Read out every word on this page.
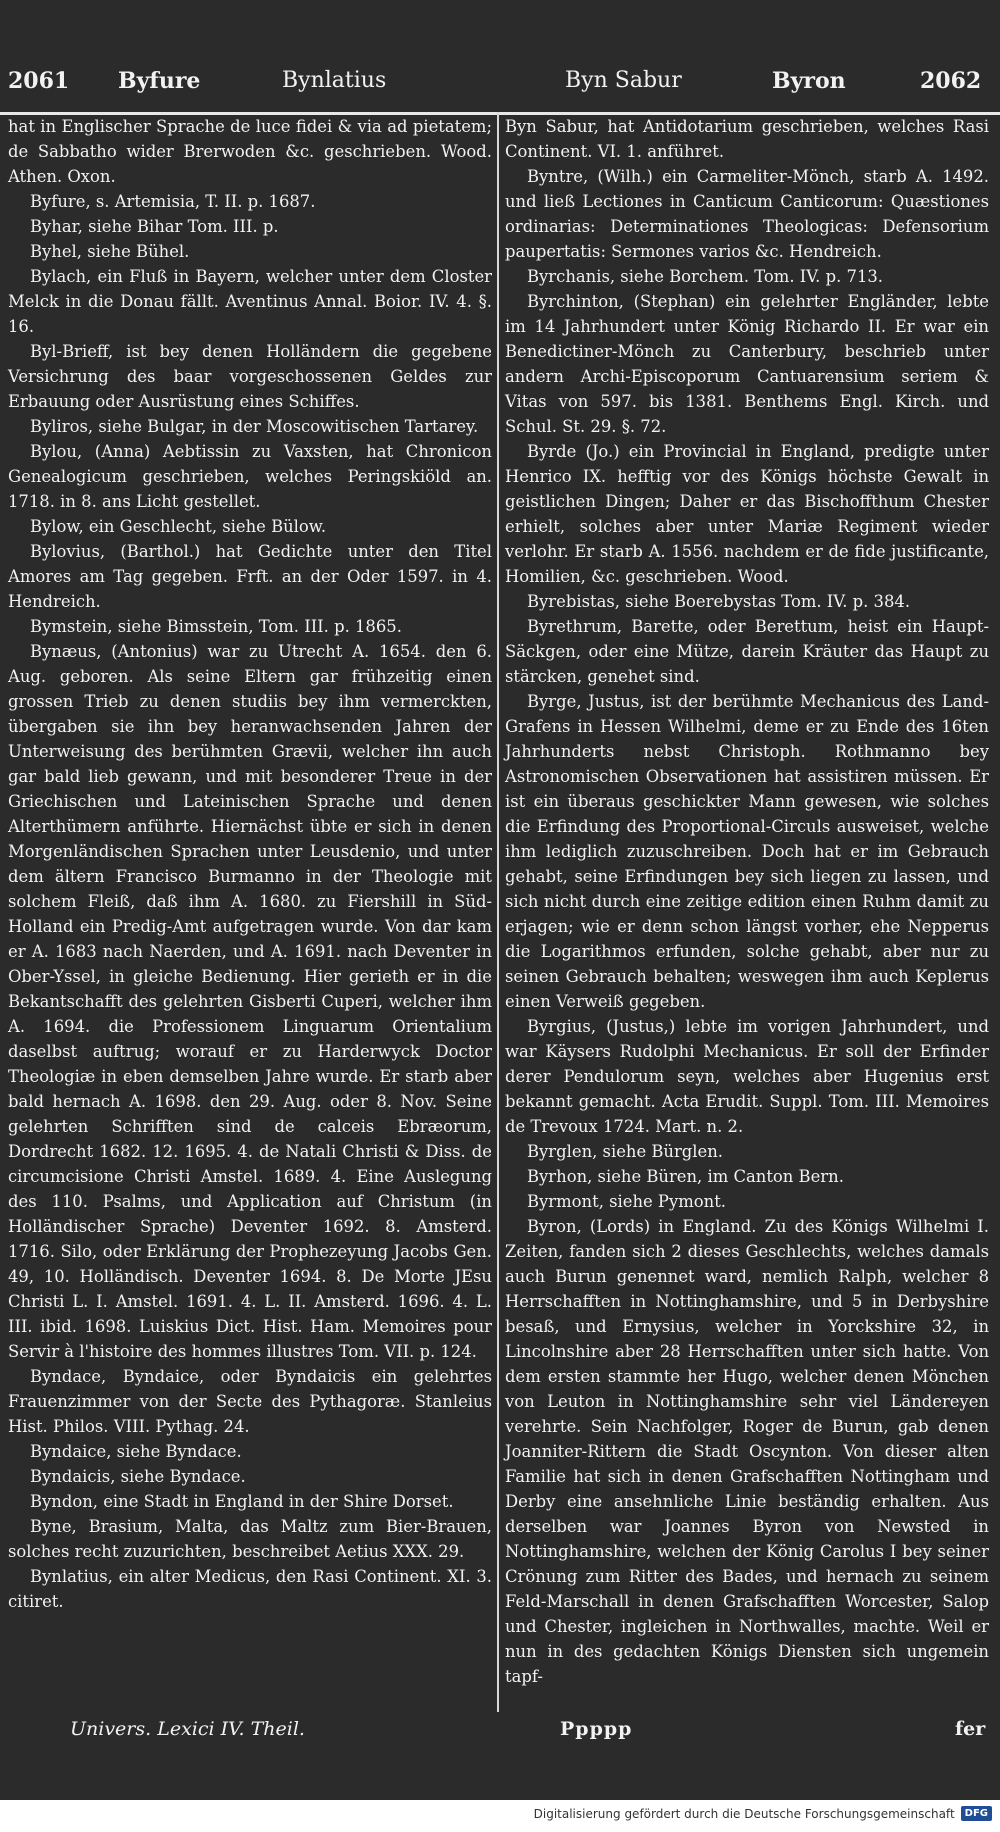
2061 Byfure	Bynlatius	Byn Sabur	Byron	2062

hat in Englischer Sprache de luce fidei & via ad pietatem; de Sabbatho wider Brerwoden &c. geschrieben. Wood. Athen. Oxon.

Byfure, s. Artemisia, T. II. p. 1687.

Byhar, siehe Bihar Tom. III. p.

Byhel, siehe Bühel.

Bylach, ein Fluß in Bayern, welcher unter dem Closter Melck in die Donau fällt. Aventinus Annal. Boior. IV. 4. §. 16.

Byl-Brieff, ist bey denen Holländern die gegebene Versichrung des baar vorgeschossenen Geldes zur Erbauung oder Ausrüstung eines Schiffes.

Byliros, siehe Bulgar, in der Moscowitischen Tartarey.

Bylou, (Anna) Aebtissin zu Vaxsten, hat Chronicon Genealogicum geschrieben, welches Peringskiöld an. 1718. in 8. ans Licht gestellet.

Bylow, ein Geschlecht, siehe Bülow.

Bylovius, (Barthol.) hat Gedichte unter den Titel Amores am Tag gegeben. Frft. an der Oder 1597. in 4. Hendreich.

Bymstein, siehe Bimsstein, Tom. III. p. 1865.

Bynæus, (Antonius) war zu Utrecht A. 1654. den 6. Aug. geboren. Als seine Eltern gar frühzeitig einen grossen Trieb zu denen studiis bey ihm vermerckten, übergaben sie ihn bey heranwachsenden Jahren der Unterweisung des berühmten Grævii, welcher ihn auch gar bald lieb gewann, und mit besonderer Treue in der Griechischen und Lateinischen Sprache und denen Alterthümern anführte. Hiernächst übte er sich in denen Morgenländischen Sprachen unter Leusdenio, und unter dem ältern Francisco Burmanno in der Theologie mit solchem Fleiß, daß ihm A. 1680. zu Fiershill in Süd-Holland ein Predig-Amt aufgetragen wurde. Von dar kam er A. 1683 nach Naerden, und A. 1691. nach Deventer in Ober-Yssel, in gleiche Bedienung. Hier gerieth er in die Bekantschafft des gelehrten Gisberti Cuperi, welcher ihm A. 1694. die Professionem Linguarum Orientalium daselbst auftrug; worauf er zu Harderwyck Doctor Theologiæ in eben demselben Jahre wurde. Er starb aber bald hernach A. 1698. den 29. Aug. oder 8. Nov. Seine gelehrten Schrifften sind de calceis Ebræorum, Dordrecht 1682. 12. 1695. 4. de Natali Christi & Diss. de circumcisione Christi Amstel. 1689. 4. Eine Auslegung des 110. Psalms, und Application auf Christum (in Holländischer Sprache) Deventer 1692. 8. Amsterd. 1716. Silo, oder Erklärung der Prophezeyung Jacobs Gen. 49, 10. Holländisch. Deventer 1694. 8. De Morte JEsu Christi L. I. Amstel. 1691. 4. L. II. Amsterd. 1696. 4. L. III. ibid. 1698. Luiskius Dict. Hist. Ham. Memoires pour Servir à l'histoire des hommes illustres Tom. VII. p. 124.

Byndace, Byndaice, oder Byndaicis ein gelehrtes Frauenzimmer von der Secte des Pythagoræ. Stanleius Hist. Philos. VIII. Pythag. 24.

Byndaice, siehe Byndace.

Byndaicis, siehe Byndace.

Byndon, eine Stadt in England in der Shire Dorset.

Byne, Brasium, Malta, das Maltz zum Bier-Brauen, solches recht zuzurichten, beschreibet Aetius XXX. 29.

Bynlatius, ein alter Medicus, den Rasi Continent. XI. 3. citiret.

Byn Sabur, hat Antidotarium geschrieben, welches Rasi Continent. VI. 1. anführet.

Byntre, (Wilh.) ein Carmeliter-Mönch, starb A. 1492. und ließ Lectiones in Canticum Canticorum: Quæstiones ordinarias: Determinationes Theologicas: Defensorium paupertatis: Sermones varios &c. Hendreich.

Byrchanis, siehe Borchem. Tom. IV. p. 713.

Byrchinton, (Stephan) ein gelehrter Engländer, lebte im 14 Jahrhundert unter König Richardo II. Er war ein Benedictiner-Mönch zu Canterbury, beschrieb unter andern Archi-Episcoporum Cantuarensium seriem & Vitas von 597. bis 1381. Benthems Engl. Kirch. und Schul. St. 29. §. 72.

Byrde (Jo.) ein Provincial in England, predigte unter Henrico IX. hefftig vor des Königs höchste Gewalt in geistlichen Dingen; Daher er das Bischoffthum Chester erhielt, solches aber unter Mariæ Regiment wieder verlohr. Er starb A. 1556. nachdem er de fide justificante, Homilien, &c. geschrieben. Wood.

Byrebistas, siehe Boerebystas Tom. IV. p. 384.

Byrethrum, Barette, oder Berettum, heist ein Haupt-Säckgen, oder eine Mütze, darein Kräuter das Haupt zu stärcken, genehet sind.

Byrge, Justus, ist der berühmte Mechanicus des Land-Grafens in Hessen Wilhelmi, deme er zu Ende des 16ten Jahrhunderts nebst Christoph. Rothmanno bey Astronomischen Observationen hat assistiren müssen. Er ist ein überaus geschickter Mann gewesen, wie solches die Erfindung des Proportional-Circuls ausweiset, welche ihm lediglich zuzuschreiben. Doch hat er im Gebrauch gehabt, seine Erfindungen bey sich liegen zu lassen, und sich nicht durch eine zeitige edition einen Ruhm damit zu erjagen; wie er denn schon längst vorher, ehe Nepperus die Logarithmos erfunden, solche gehabt, aber nur zu seinen Gebrauch behalten; weswegen ihm auch Keplerus einen Verweiß gegeben.

Byrgius, (Justus,) lebte im vorigen Jahrhundert, und war Käysers Rudolphi Mechanicus. Er soll der Erfinder derer Pendulorum seyn, welches aber Hugenius erst bekannt gemacht. Acta Erudit. Suppl. Tom. III. Memoires de Trevoux 1724. Mart. n. 2.

Byrglen, siehe Bürglen.

Byrhon, siehe Büren, im Canton Bern.

Byrmont, siehe Pymont.

Byron, (Lords) in England. Zu des Königs Wilhelmi I. Zeiten, fanden sich 2 dieses Geschlechts, welches damals auch Burun genennet ward, nemlich Ralph, welcher 8 Herrschafften in Nottinghamshire, und 5 in Derbyshire besaß, und Ernysius, welcher in Yorckshire 32, in Lincolnshire aber 28 Herrschafften unter sich hatte. Von dem ersten stammte her Hugo, welcher denen Mönchen von Leuton in Nottinghamshire sehr viel Ländereyen verehrte. Sein Nachfolger, Roger de Burun, gab denen Joanniter-Rittern die Stadt Oscynton. Von dieser alten Familie hat sich in denen Grafschafften Nottingham und Derby eine ansehnliche Linie beständig erhalten. Aus derselben war Joannes Byron von Newsted in Nottinghamshire, welchen der König Carolus I bey seiner Crönung zum Ritter des Bades, und hernach zu seinem Feld-Marschall in denen Grafschafften Worcester, Salop und Chester, ingleichen in Northwalles, machte. Weil er nun in des gedachten Königs Diensten sich ungemein tapf-

Univers. Lexici IV. Theil.	Ppppp	fer
Digitalisierung gefördert durch die Deutsche Forschungsgemeinschaft	DFG
